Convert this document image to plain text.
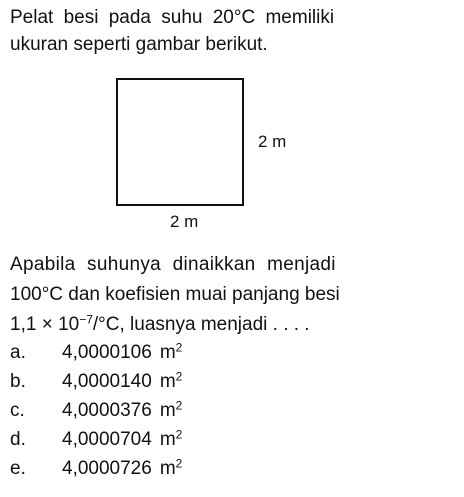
Pelat besi pada suhu 20°C memiliki

ukuran seperti gambar berikut.

2 m
2 m

Apabila suhunya dinaikkan menjadi

100°C dan koefisien muai panjang besi

$1,1 \times 10^{-7}/^\circ C$, luasnya menjadi . . . .

a. 4,0000106 $m^2$
b. 4,0000140 $m^2$
c. 4,0000376 $m^2$
d. 4,0000704 $m^2$
e. 4,0000726 $m^2$
